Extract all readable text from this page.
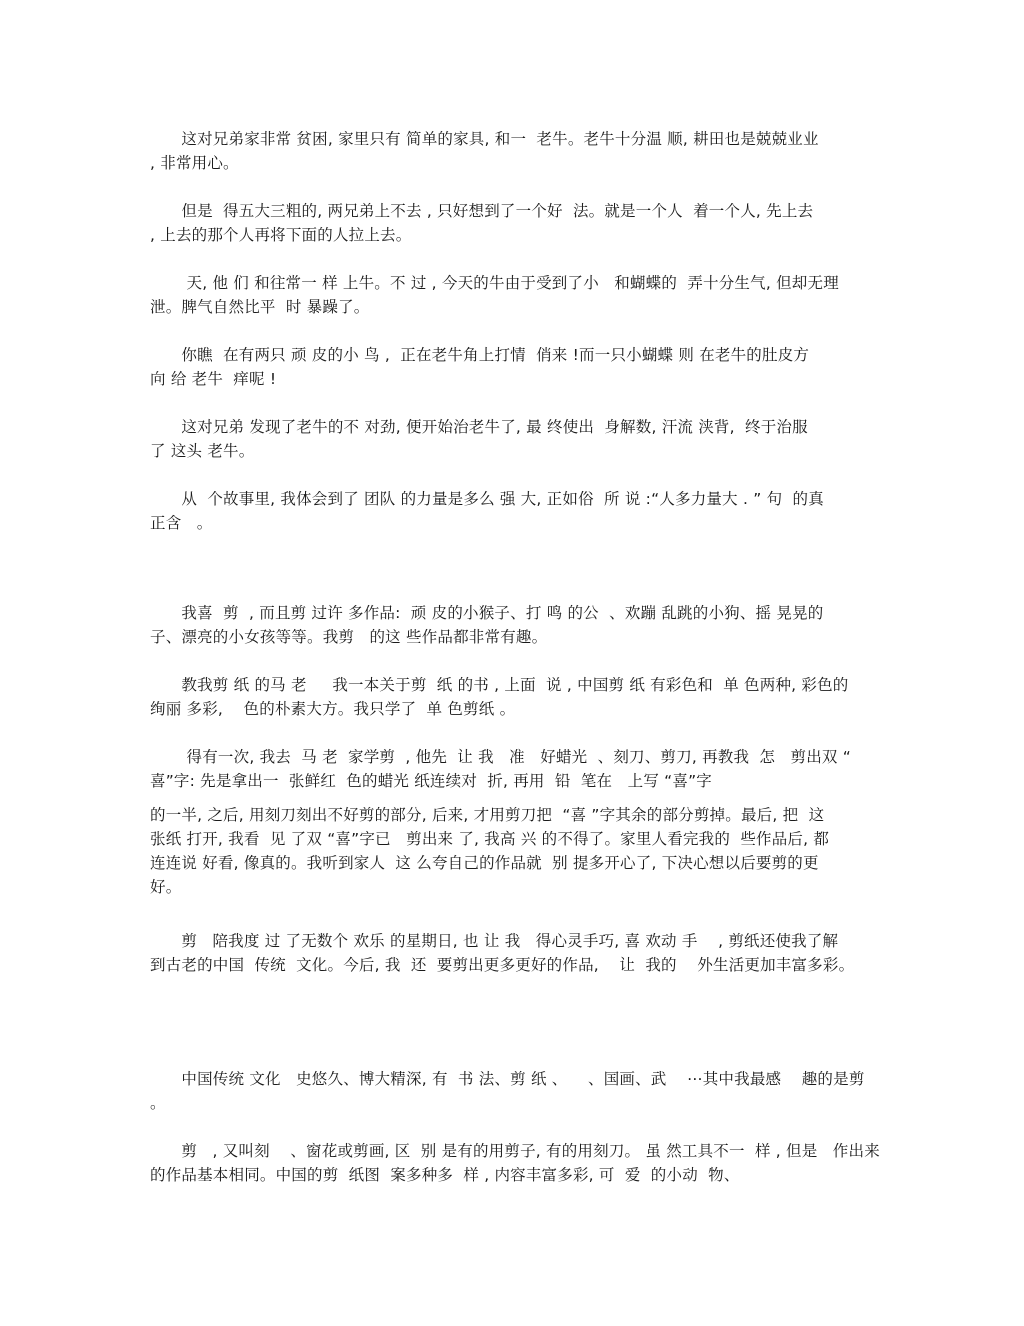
　　这对兄弟家非常 贫困, 家里只有 简单的家具, 和一  老牛。老牛十分温 顺, 耕田也是兢兢业业
, 非常用心。
　　但是  得五大三粗的, 两兄弟上不去 , 只好想到了一个好  法。就是一个人  着一个人, 先上去
, 上去的那个人再将下面的人拉上去。
　　 天, 他 们 和往常一 样 上牛。不 过 , 今天的牛由于受到了小   和蝴蝶的  弄十分生气, 但却无理
泄。脾气自然比平  时 暴躁了。
　　你瞧  在有两只 顽 皮的小 鸟 ,  正在老牛角上打情  俏来 !而一只小蝴蝶 则 在老牛的肚皮方
向 给 老牛  痒呢 !
　　这对兄弟 发现了老牛的不 对劲, 便开始治老牛了, 最 终使出  身解数, 汗流 浃背,  终于治服
了 这头 老牛。
　　从  个故事里, 我体会到了 团队 的力量是多么 强 大, 正如俗  所 说 :“人多力量大 . ” 句  的真
正含   。
　　我喜  剪  , 而且剪 过许 多作品:  顽 皮的小猴子、打 鸣 的公  、欢蹦 乱跳的小狗、摇 晃晃的
子、漂亮的小女孩等等。我剪   的这 些作品都非常有趣。
　　教我剪 纸 的马 老     我一本关于剪  纸 的书 , 上面  说 , 中国剪 纸 有彩色和  单 色两种, 彩色的
绚丽 多彩,    色的朴素大方。我只学了  单 色剪纸 。
　　 得有一次, 我去  马 老  家学剪  , 他先  让 我   准   好蜡光  、刻刀、剪刀, 再教我  怎   剪出双 “
喜”字: 先是拿出一  张鲜红  色的蜡光 纸连续对  折, 再用  铅  笔在   上写 “喜”字
的一半, 之后, 用刻刀刻出不好剪的部分, 后来, 才用剪刀把  “喜 ”字其余的部分剪掉。最后, 把  这
张纸 打开, 我看  见 了双 “喜”字已   剪出来 了, 我高 兴 的不得了。家里人看完我的  些作品后, 都
连连说 好看, 像真的。我听到家人  这 么夸自己的作品就  别 提多开心了, 下决心想以后要剪的更
好。
　　剪   陪我度 过 了无数个 欢乐 的星期日, 也 让 我   得心灵手巧, 喜 欢动 手    , 剪纸还使我了解
到古老的中国  传统  文化。今后, 我  还  要剪出更多更好的作品,    让  我的    外生活更加丰富多彩。
　　中国传统 文化   史悠久、博大精深, 有  书 法、剪 纸 、    、国画、武    ⋯其中我最感    趣的是剪
。
　　剪   , 又叫刻    、窗花或剪画, 区  别 是有的用剪子, 有的用刻刀。 虽 然工具不一  样 , 但是   作出来
的作品基本相同。中国的剪  纸图  案多种多  样 , 内容丰富多彩, 可  爱  的小动  物、
